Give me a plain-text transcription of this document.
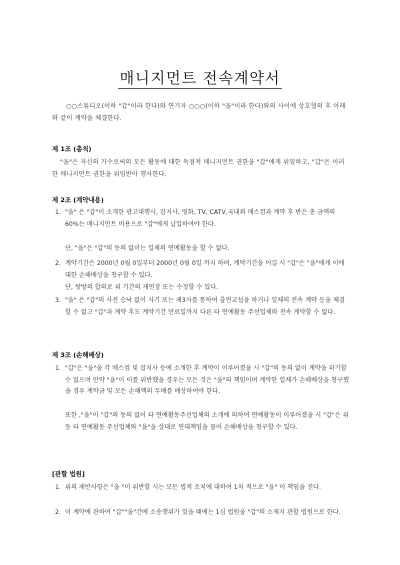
매니지먼트 전속계약서
○○스튜디오(이하 "갑"이라 한다)와 연기자 ○○○(이하 "을"이라 한다)와의 사이에 상호협의 후 아래와 같이 계약을 체결한다.
제 1조 (총칙)
"을"은 자신의 가수로써의 모든 활동에 대한 독점적 매니지먼트 권한을 "갑"에게 위임하고, "갑"은 이러한 매니지먼트 권한을 위임받아 행사한다.
제 2조 (계약내용)
1. "을" 은 "갑"이 소개한 광고대행사, 잡지사, 영화, TV, CATV,국내외 매스컴과 계약 후 받은 총 금액의 60%는 매니지먼트 비용으로 "갑"에게 납입하여야 한다.
단, "을"은 "갑"의 동의 없이는 일체의 연예활동을 할 수 없다.
2. 계약기간은 2000년 0월 0일부터 2000년 0월 0일 까지 하며, 계약기간을 어길 시 "갑"은 "을"에게 이에 대한 손해배상을 청구할 수 있다.
단, 쌍방의 합의로 위 기간의 재연장 또는 수정할 수 있다.
3. "을" 은 "갑"의 사전 승낙 없이 자기 또는 제3자를 통하여 출연교섭을 하거나 일체의 전속 계약 등을 체결할 수 없고 "갑"과 계약 후도 계약기간 만료일까지 다른 타 연예활동 주선업체와 전속 계약할 수 없다.
제 3조 (손해배상)
1. "갑"은 "을"을 각 매스컴 및 잡지사 등에 소개한 후 계약이 이루어졌을 시 "갑"의 동의 없이 계약을 파기할 수 없으며 만약 "을"이 이를 위반했을 경우는 모든 것은 "을"의 책임이며 계약한 업체가 손해배상을 청구했을 경우 계약금 및 모든 손해액의 두배를 배상하여야 한다.
또한 ,"을"이 "갑"의 동의 없이 타 연예활동주선업체의 소개에 의하여 연예활동이 이루어졌을 시 "갑"은 위 동 타 연예활동 주선업체와 "을"을 상대로 연대책임을 물어 손해배상을 청구할 수 있다.
[관할 법원]
1. 위의 제반사항은 "을 "이 위반할 시는 모든 법적 조치에 대하여 1차 적으로 "을" 이 책임을 진다.
2. 이 계약에 관하여 "갑""을"간에 소송행위가 있을 때에는 1심 법원을 "갑"의 소재지 관할 법원으로 한다.
